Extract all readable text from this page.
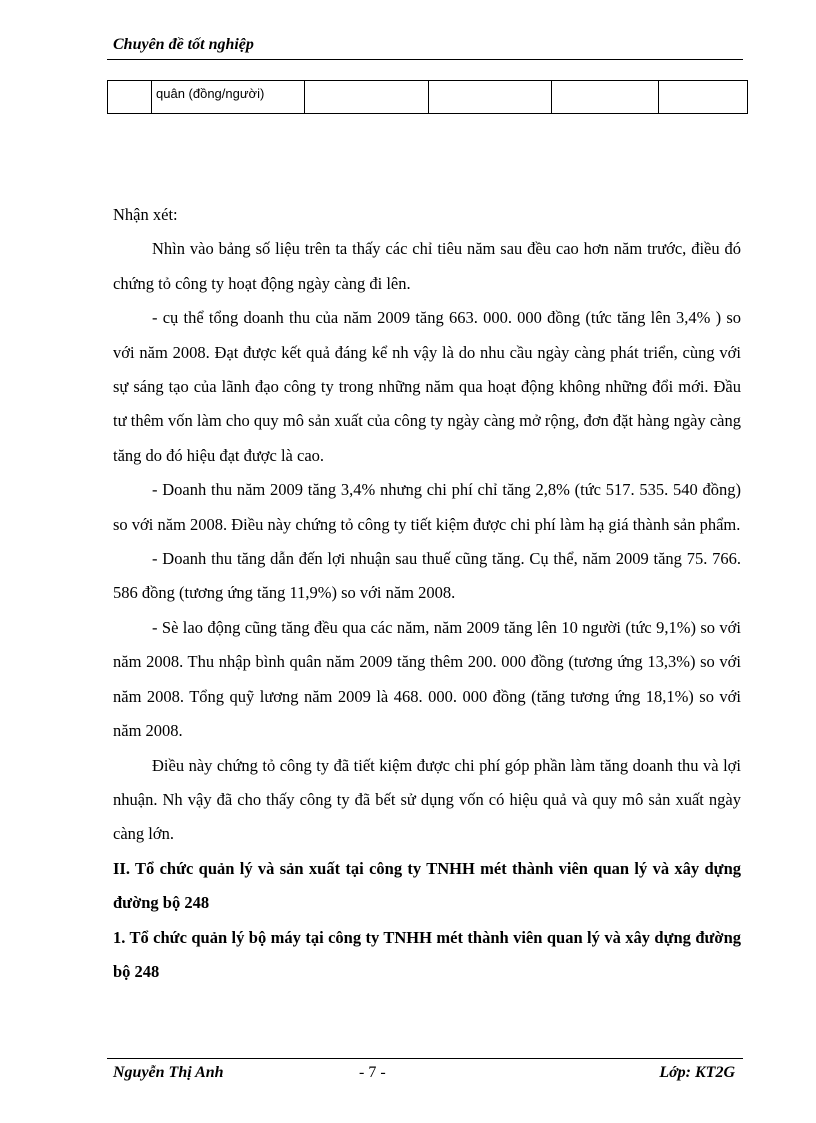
Chuyên đề tốt nghiệp

quân (đồng/người)

Nhận xét:

Nhìn vào bảng số liệu trên ta thấy các chỉ tiêu năm sau đều cao hơn năm trước, điều đó chứng tỏ công ty hoạt động ngày càng đi lên.

- cụ thể tổng doanh thu của năm 2009 tăng 663. 000. 000 đồng (tức tăng lên 3,4% ) so với năm 2008. Đạt được kết quả đáng kể nh vậy là do nhu cầu ngày càng phát triển, cùng với sự sáng tạo của lãnh đạo công ty trong những năm qua hoạt động không những đổi mới. Đầu tư thêm vốn làm cho quy mô sản xuất của công ty ngày càng mở rộng, đơn đặt hàng ngày càng tăng do đó hiệu đạt được là cao.

- Doanh thu năm 2009 tăng 3,4% nhưng chi phí chỉ tăng 2,8% (tức 517. 535. 540 đồng) so với năm 2008. Điều này chứng tỏ công ty tiết kiệm được chi phí làm hạ giá thành sản phẩm.

- Doanh thu tăng dẫn đến lợi nhuận sau thuế cũng tăng. Cụ thể, năm 2009 tăng 75. 766. 586 đồng (tương ứng tăng 11,9%) so với năm 2008.

- Sè lao động cũng tăng đều qua các năm, năm 2009 tăng lên 10 người (tức 9,1%) so với năm 2008. Thu nhập bình quân năm 2009 tăng thêm 200. 000 đồng (tương ứng 13,3%) so với năm 2008. Tổng quỹ lương năm 2009 là 468. 000. 000 đồng (tăng tương ứng 18,1%) so với năm 2008.

Điều này chứng tỏ công ty đã tiết kiệm được chi phí góp phần làm tăng doanh thu và lợi nhuận. Nh vậy đã cho thấy công ty đã bết sử dụng vốn có hiệu quả và quy mô sản xuất ngày càng lớn.

II. Tổ chức quản lý và sản xuất tại công ty TNHH mét thành viên quan lý và xây dựng đường bộ 248

1. Tổ chức quản lý bộ máy tại công ty TNHH mét thành viên quan lý và xây dựng đường bộ 248

Nguyễn Thị Anh	- 7 -	Lớp: KT2G
